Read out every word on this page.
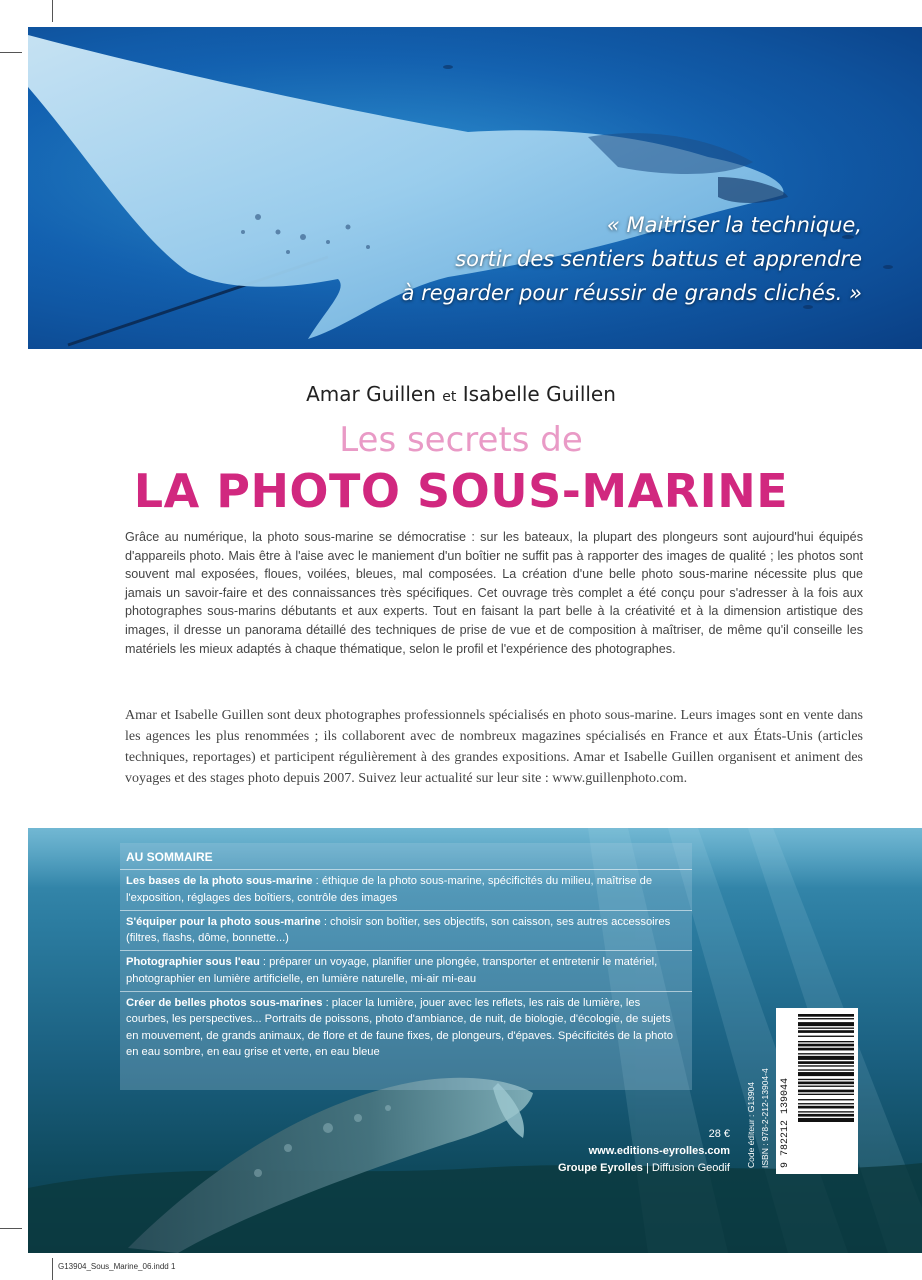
« Maitriser la technique,
sortir des sentiers battus et apprendre
à regarder pour réussir de grands clichés. »
Amar Guillen et Isabelle Guillen
Les secrets de
LA PHOTO SOUS-MARINE
Grâce au numérique, la photo sous-marine se démocratise : sur les bateaux, la plupart des plongeurs sont aujourd'hui équipés d'appareils photo. Mais être à l'aise avec le maniement d'un boîtier ne suffit pas à rapporter des images de qualité ; les photos sont souvent mal exposées, floues, voilées, bleues, mal composées. La création d'une belle photo sous-marine nécessite plus que jamais un savoir-faire et des connaissances très spécifiques. Cet ouvrage très complet a été conçu pour s'adresser à la fois aux photographes sous-marins débutants et aux experts. Tout en faisant la part belle à la créativité et à la dimension artistique des images, il dresse un panorama détaillé des techniques de prise de vue et de composition à maîtriser, de même qu'il conseille les matériels les mieux adaptés à chaque thématique, selon le profil et l'expérience des photographes.
Amar et Isabelle Guillen sont deux photographes professionnels spécialisés en photo sous-marine. Leurs images sont en vente dans les agences les plus renommées ; ils collaborent avec de nombreux magazines spécialisés en France et aux États-Unis (articles techniques, reportages) et participent régulièrement à des grandes expositions. Amar et Isabelle Guillen organisent et animent des voyages et des stages photo depuis 2007. Suivez leur actualité sur leur site : www.guillenphoto.com.
AU SOMMAIRE
Les bases de la photo sous-marine : éthique de la photo sous-marine, spécificités du milieu, maîtrise de l'exposition, réglages des boîtiers, contrôle des images
S'équiper pour la photo sous-marine : choisir son boîtier, ses objectifs, son caisson, ses autres accessoires (filtres, flashs, dôme, bonnette...)
Photographier sous l'eau : préparer un voyage, planifier une plongée, transporter et entretenir le matériel, photographier en lumière artificielle, en lumière naturelle, mi-air mi-eau
Créer de belles photos sous-marines : placer la lumière, jouer avec les reflets, les rais de lumière, les courbes, les perspectives... Portraits de poissons, photo d'ambiance, de nuit, de biologie, d'écologie, de sujets en mouvement, de grands animaux, de flore et de faune fixes, de plongeurs, d'épaves. Spécificités de la photo en eau sombre, en eau grise et verte, en eau bleue
28 €
www.editions-eyrolles.com
Groupe Eyrolles | Diffusion Geodif Code éditeur : G13904 ISBN : 978-2-212-13904-4 9 782212 139044
G13904_Sous_Marine_06.indd 1
